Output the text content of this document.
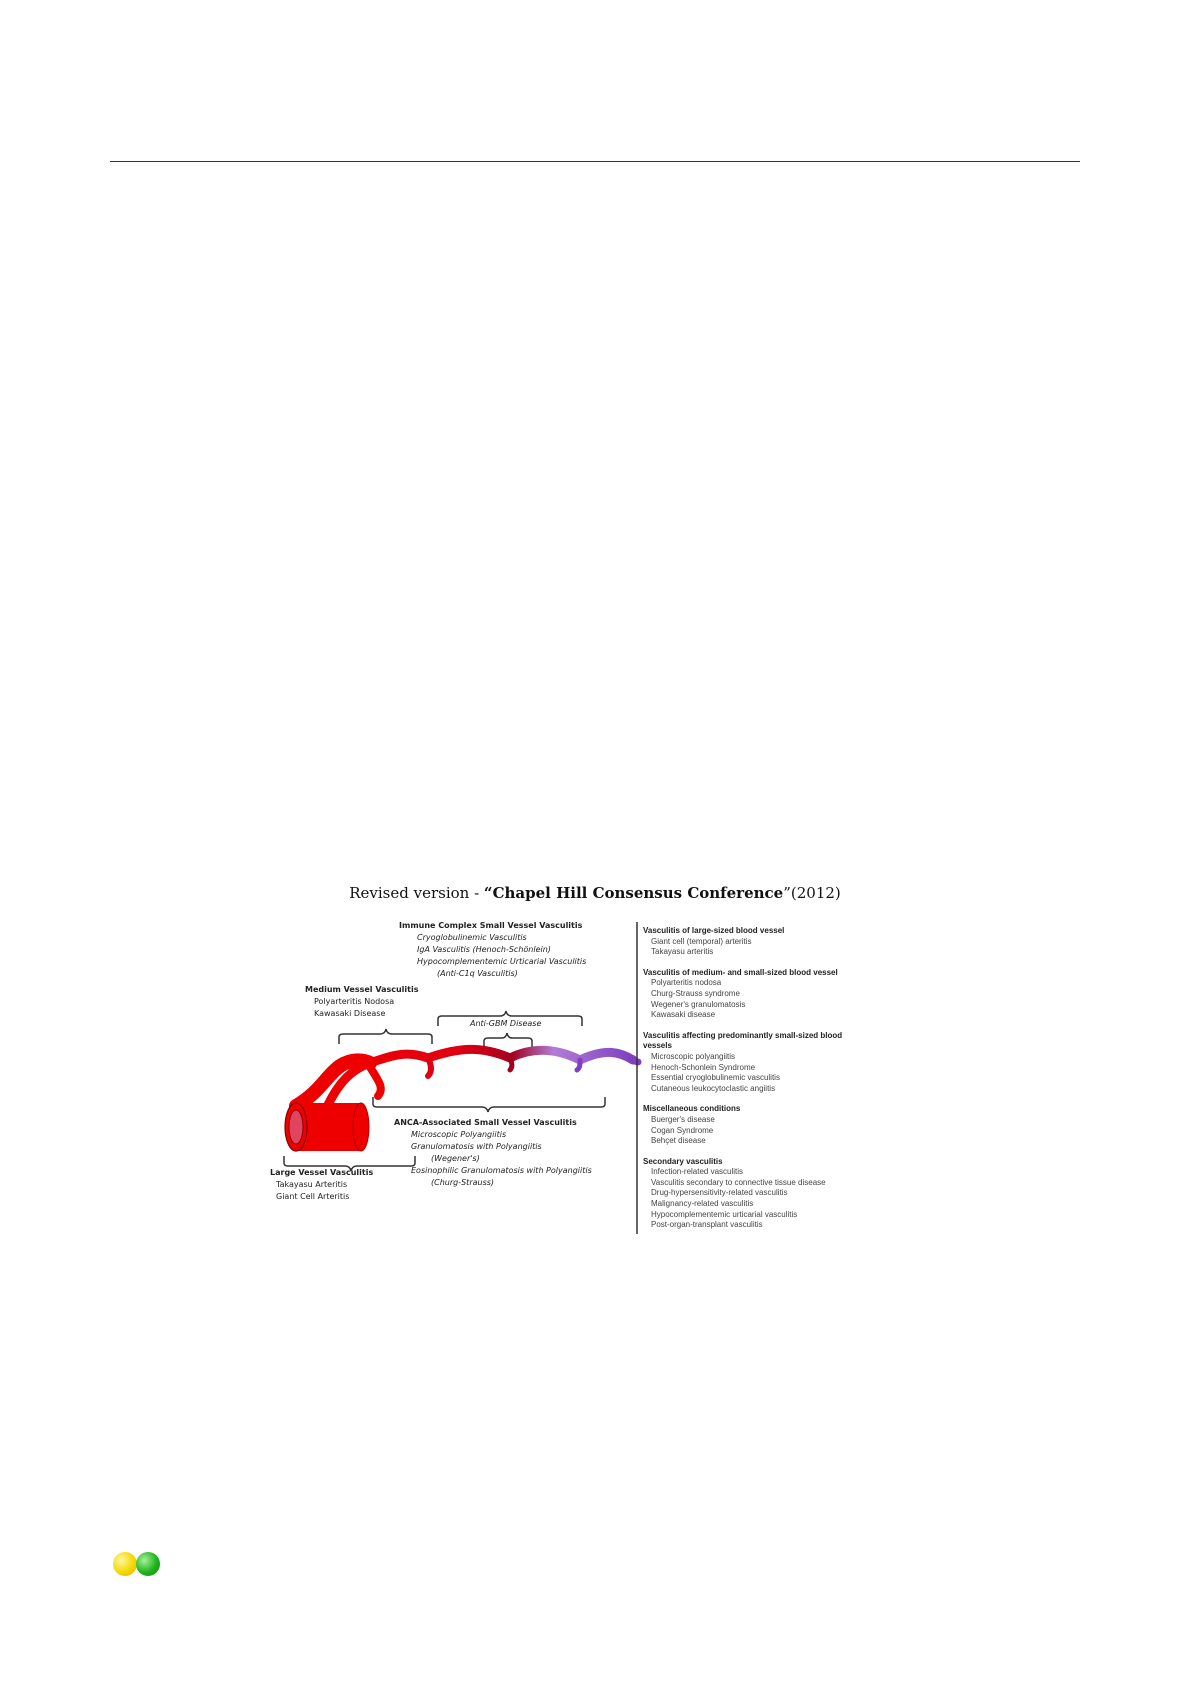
Revised version - “Chapel Hill Consensus Conference”(2012)
Immune Complex Small Vessel Vasculitis
Cryoglobulinemic Vasculitis
IgA Vasculitis (Henoch-Schönlein)
Hypocomplementemic Urticarial Vasculitis
(Anti-C1q Vasculitis)
Medium Vessel Vasculitis
Polyarteritis Nodosa
Kawasaki Disease
Anti-GBM Disease
ANCA-Associated Small Vessel Vasculitis
Microscopic Polyangiitis
Granulomatosis with Polyangiitis
(Wegener's)
Eosinophilic Granulomatosis with Polyangiitis
(Churg-Strauss)
Large Vessel Vasculitis
Takayasu Arteritis
Giant Cell Arteritis
Vasculitis of large-sized blood vessel
Giant cell (temporal) arteritis
Takayasu arteritis
Vasculitis of medium- and small-sized blood vessel
Polyarteritis nodosa
Churg-Strauss syndrome
Wegener's granulomatosis
Kawasaki disease
Vasculitis affecting predominantly small-sized blood vessels
Microscopic polyangiitis
Henoch-Schonlein Syndrome
Essential cryoglobulinemic vasculitis
Cutaneous leukocytoclastic angiitis
Miscellaneous conditions
Buerger's disease
Cogan Syndrome
Behçet disease
Secondary vasculitis
Infection-related vasculitis
Vasculitis secondary to connective tissue disease
Drug-hypersensitivity-related vasculitis
Malignancy-related vasculitis
Hypocomplementemic urticarial vasculitis
Post-organ-transplant vasculitis
